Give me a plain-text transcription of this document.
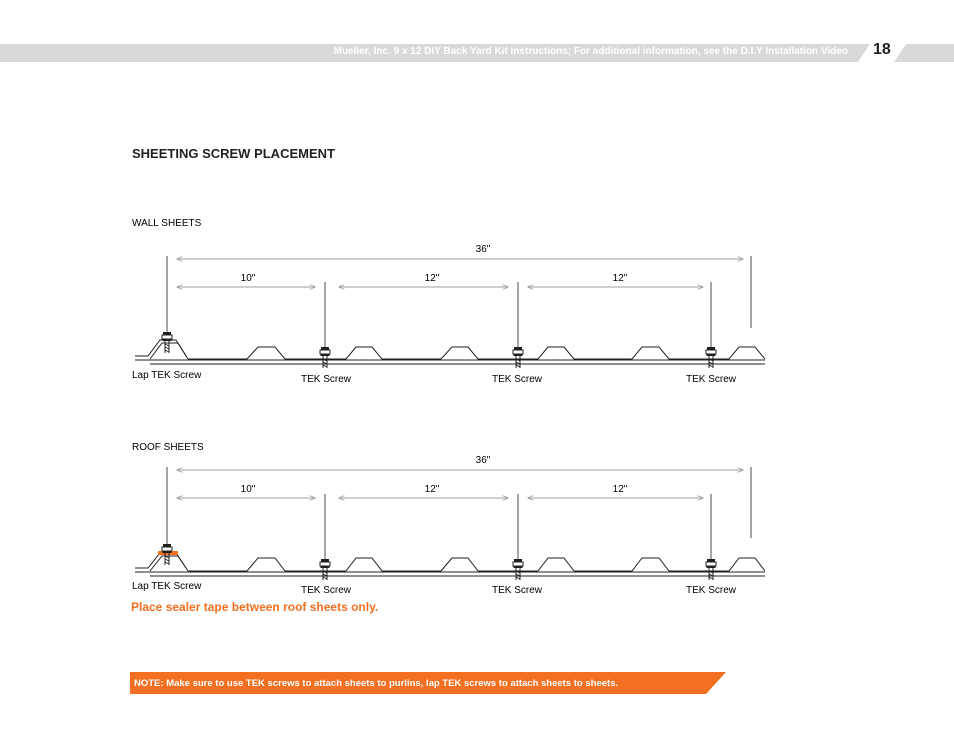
Mueller, Inc. 9 x 12 DIY Back Yard Kit Instructions; For additional information, see the D.I.Y Installation Video 18
SHEETING SCREW PLACEMENT
WALL SHEETS
36"
10"	12"	12"
Lap TEK Screw	TEK Screw	TEK Screw	TEK Screw
ROOF SHEETS
36"
10"	12"	12"
Lap TEK Screw	TEK Screw	TEK Screw	TEK Screw
Place sealer tape between roof sheets only.
NOTE: Make sure to use TEK screws to attach sheets to purlins, lap TEK screws to attach sheets to sheets.
